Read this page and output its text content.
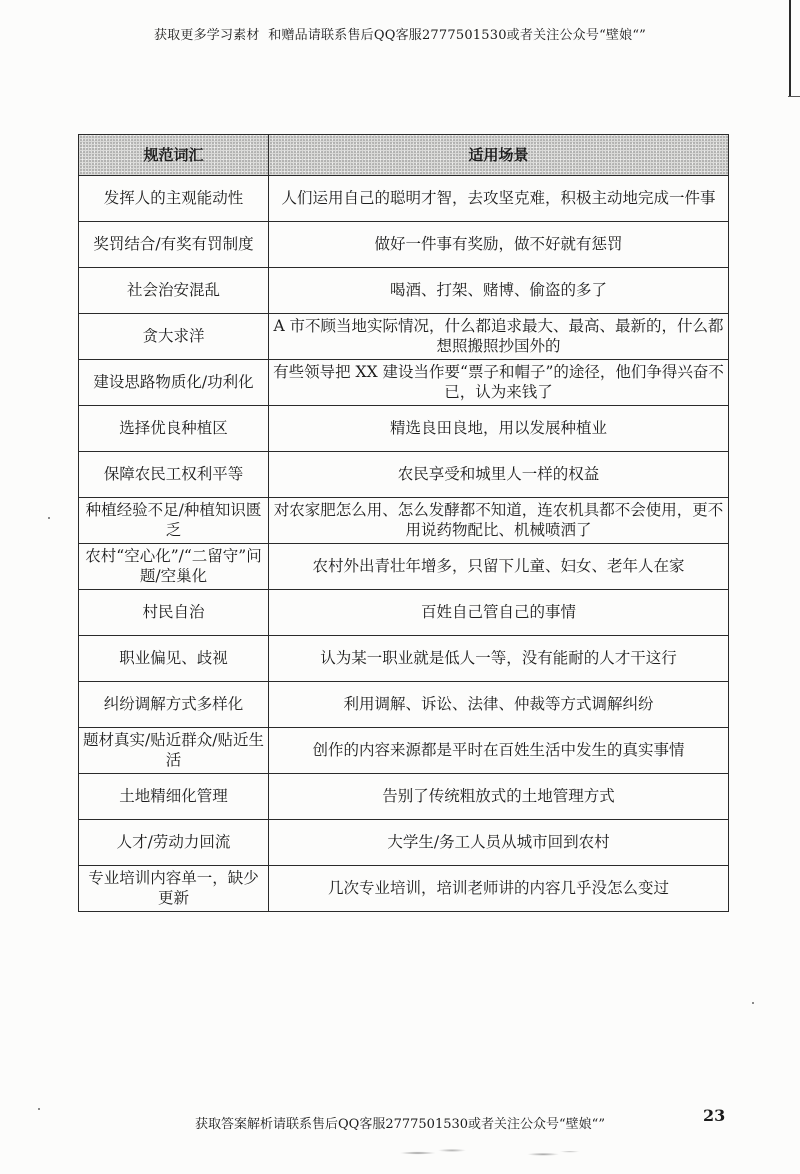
获取更多学习素材  和赠品请联系售后QQ客服2777501530或者关注公众号“壁娘“”
规范词汇	适用场景
发挥人的主观能动性	人们运用自己的聪明才智，去攻坚克难，积极主动地完成一件事
奖罚结合/有奖有罚制度	做好一件事有奖励，做不好就有惩罚
社会治安混乱	喝酒、打架、赌博、偷盗的多了
贪大求洋	A 市不顾当地实际情况，什么都追求最大、最高、最新的，什么都想照搬照抄国外的
建设思路物质化/功利化	有些领导把 XX 建设当作要“票子和帽子”的途径，他们争得兴奋不已，认为来钱了
选择优良种植区	精选良田良地，用以发展种植业
保障农民工权利平等	农民享受和城里人一样的权益
种植经验不足/种植知识匮乏	对农家肥怎么用、怎么发酵都不知道，连农机具都不会使用，更不用说药物配比、机械喷洒了
农村“空心化”/“二留守”问题/空巢化	农村外出青壮年增多，只留下儿童、妇女、老年人在家
村民自治	百姓自己管自己的事情
职业偏见、歧视	认为某一职业就是低人一等，没有能耐的人才干这行
纠纷调解方式多样化	利用调解、诉讼、法律、仲裁等方式调解纠纷
题材真实/贴近群众/贴近生活	创作的内容来源都是平时在百姓生活中发生的真实事情
土地精细化管理	告别了传统粗放式的土地管理方式
人才/劳动力回流	大学生/务工人员从城市回到农村
专业培训内容单一，缺少更新	几次专业培训，培训老师讲的内容几乎没怎么变过
获取答案解析请联系售后QQ客服2777501530或者关注公众号“壁娘“”	23
